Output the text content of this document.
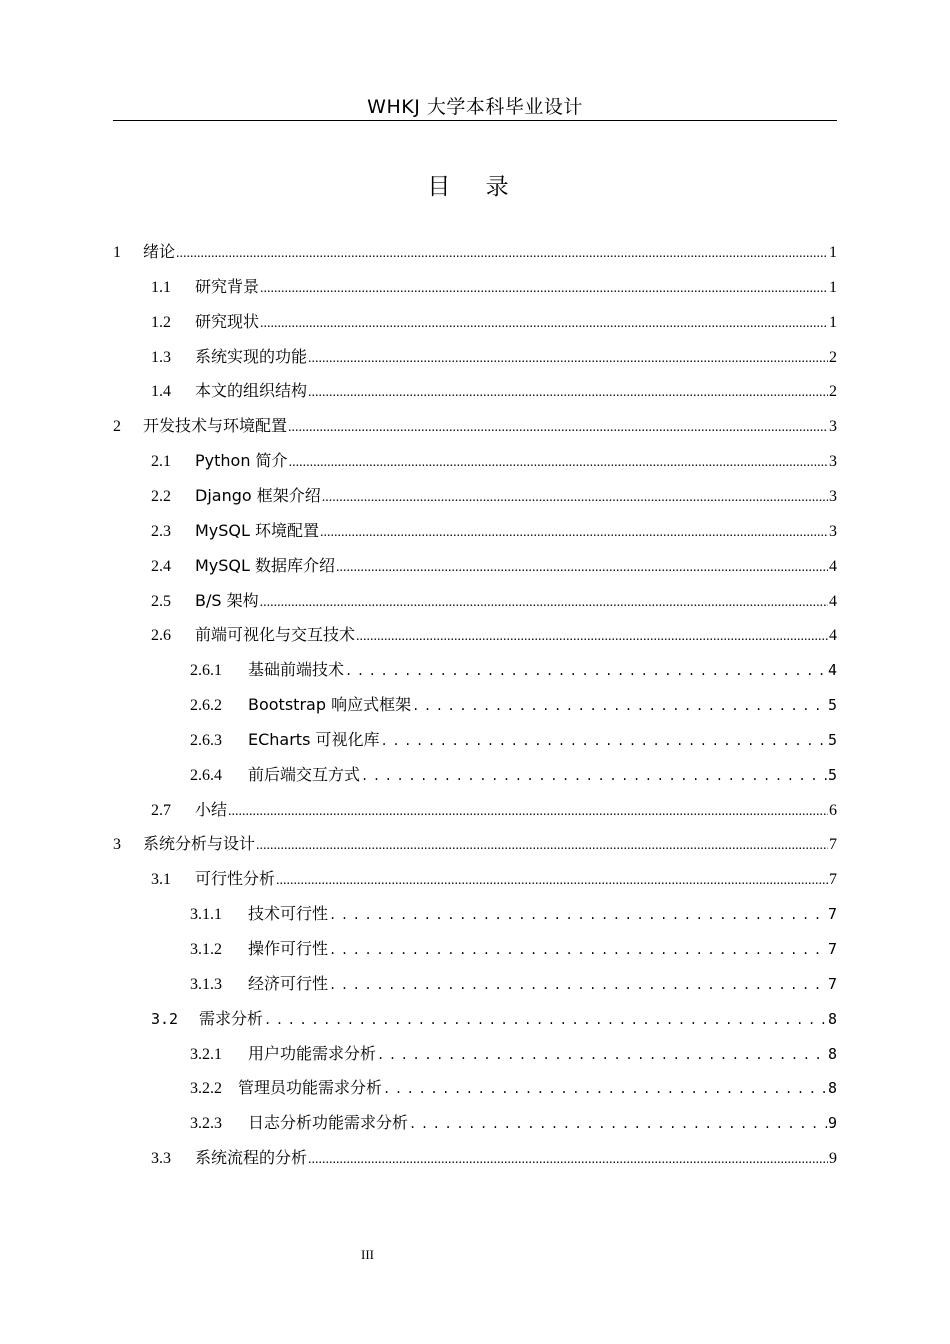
WHKJ 大学本科毕业设计
目 录
1	绪论 .....	1
1.1	研究背景 .....	1
1.2	研究现状 .....	1
1.3	系统实现的功能 .....	2
1.4	本文的组织结构 .....	2
2	开发技术与环境配置 .....	3
2.1	Python 简介 .....	3
2.2	Django 框架介绍 .....	3
2.3	MySQL 环境配置 .....	3
2.4	MySQL 数据库介绍 .....	4
2.5	B/S 架构 .....	4
2.6	前端可视化与交互技术 .....	4
2.6.1	基础前端技术 .....	4
2.6.2	Bootstrap 响应式框架 .....	5
2.6.3	ECharts 可视化库 .....	5
2.6.4	前后端交互方式 .....	5
2.7	小结 .....	6
3	系统分析与设计 .....	7
3.1	可行性分析 .....	7
3.1.1	技术可行性 .....	7
3.1.2	操作可行性 .....	7
3.1.3	经济可行性 .....	7
3.2	需求分析 .....	8
3.2.1	用户功能需求分析 .....	8
3.2.2	管理员功能需求分析 .....	8
3.2.3	日志分析功能需求分析 .....	9
3.3	系统流程的分析 .....	9
III
